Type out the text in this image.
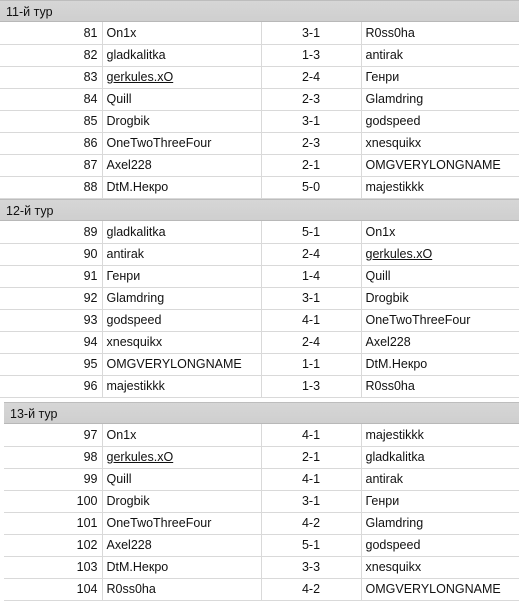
11-й тур
81	On1x	3-1	R0ss0ha
82	gladkalitka	1-3	antirak
83	gerkules.xO	2-4	Генри
84	Quill	2-3	Glamdring
85	Drogbik	3-1	godspeed
86	OneTwoThreeFour	2-3	xnesquikx
87	Axel228	2-1	OMGVERYLONGNAME
88	DtM.Некро	5-0	majestikkk
12-й тур
89	gladkalitka	5-1	On1x
90	antirak	2-4	gerkules.xO
91	Генри	1-4	Quill
92	Glamdring	3-1	Drogbik
93	godspeed	4-1	OneTwoThreeFour
94	xnesquikx	2-4	Axel228
95	OMGVERYLONGNAME	1-1	DtM.Некро
96	majestikkk	1-3	R0ss0ha
13-й тур
97	On1x	4-1	majestikkk
98	gerkules.xO	2-1	gladkalitka
99	Quill	4-1	antirak
100	Drogbik	3-1	Генри
101	OneTwoThreeFour	4-2	Glamdring
102	Axel228	5-1	godspeed
103	DtM.Некро	3-3	xnesquikx
104	R0ss0ha	4-2	OMGVERYLONGNAME
